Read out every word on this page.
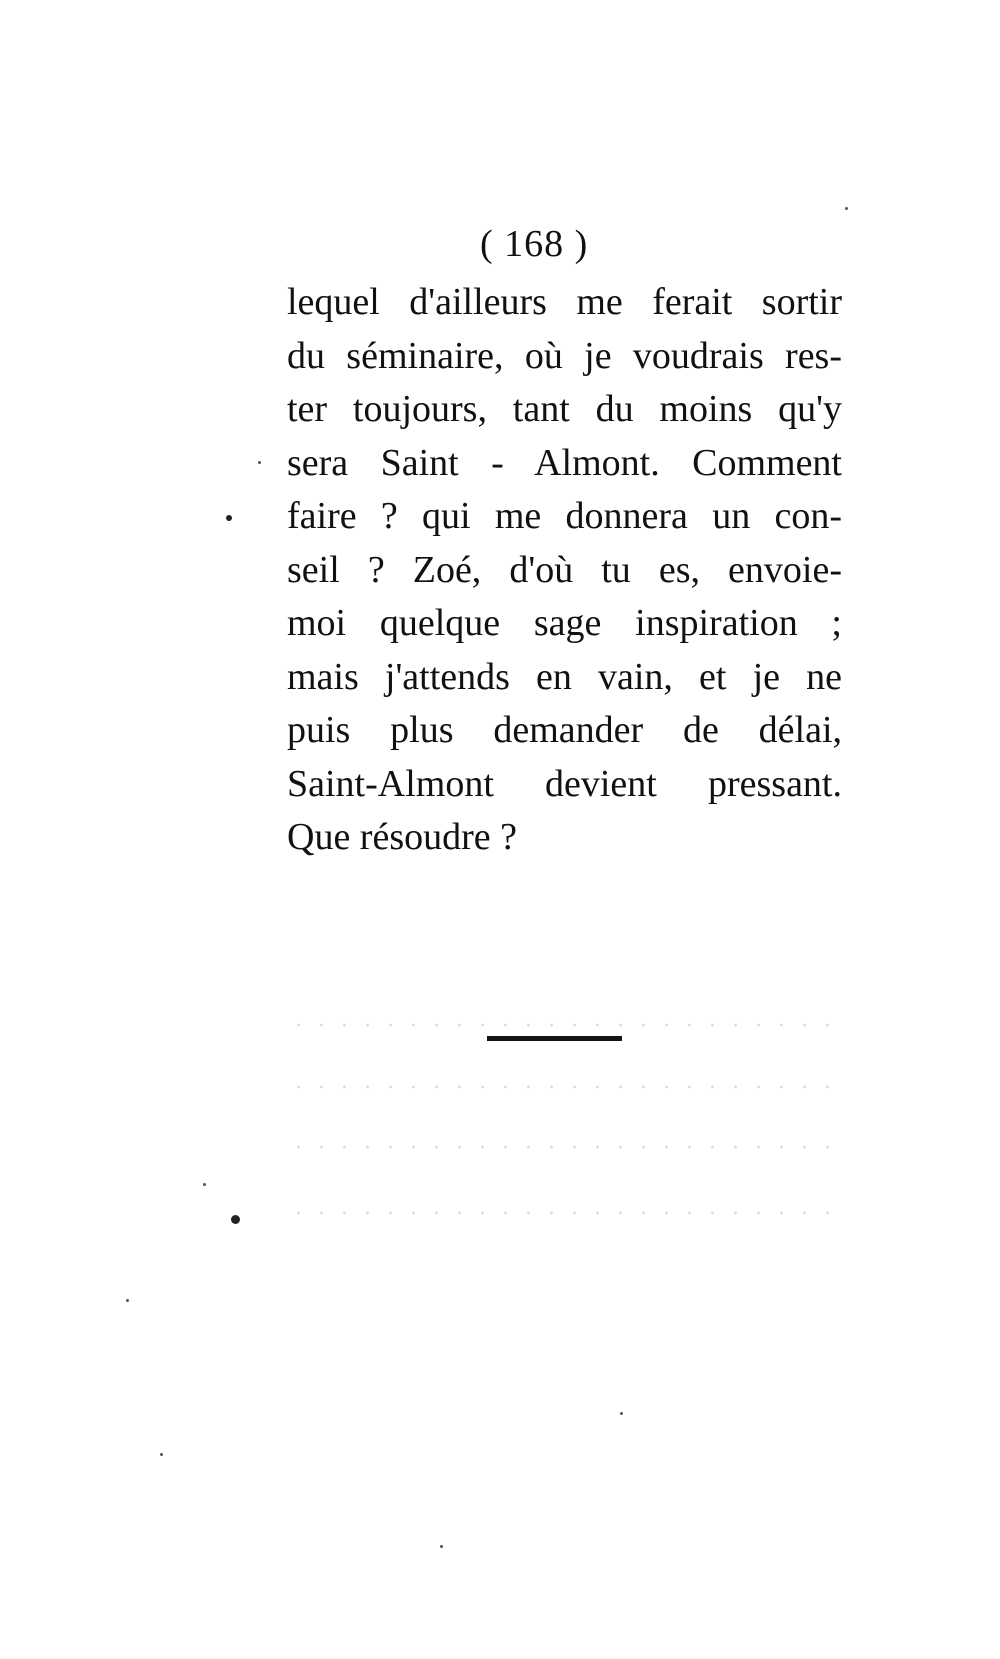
( 168 )
lequel d'ailleurs me ferait sortir
du séminaire, où je voudrais res-
ter toujours, tant du moins qu'y
sera Saint - Almont. Comment
faire ? qui me donnera un con-
seil ? Zoé, d'où tu es, envoie-
moi quelque sage inspiration ;
mais j'attends en vain, et je ne
puis plus demander de délai,
Saint-Almont devient pressant.
Que résoudre ?
